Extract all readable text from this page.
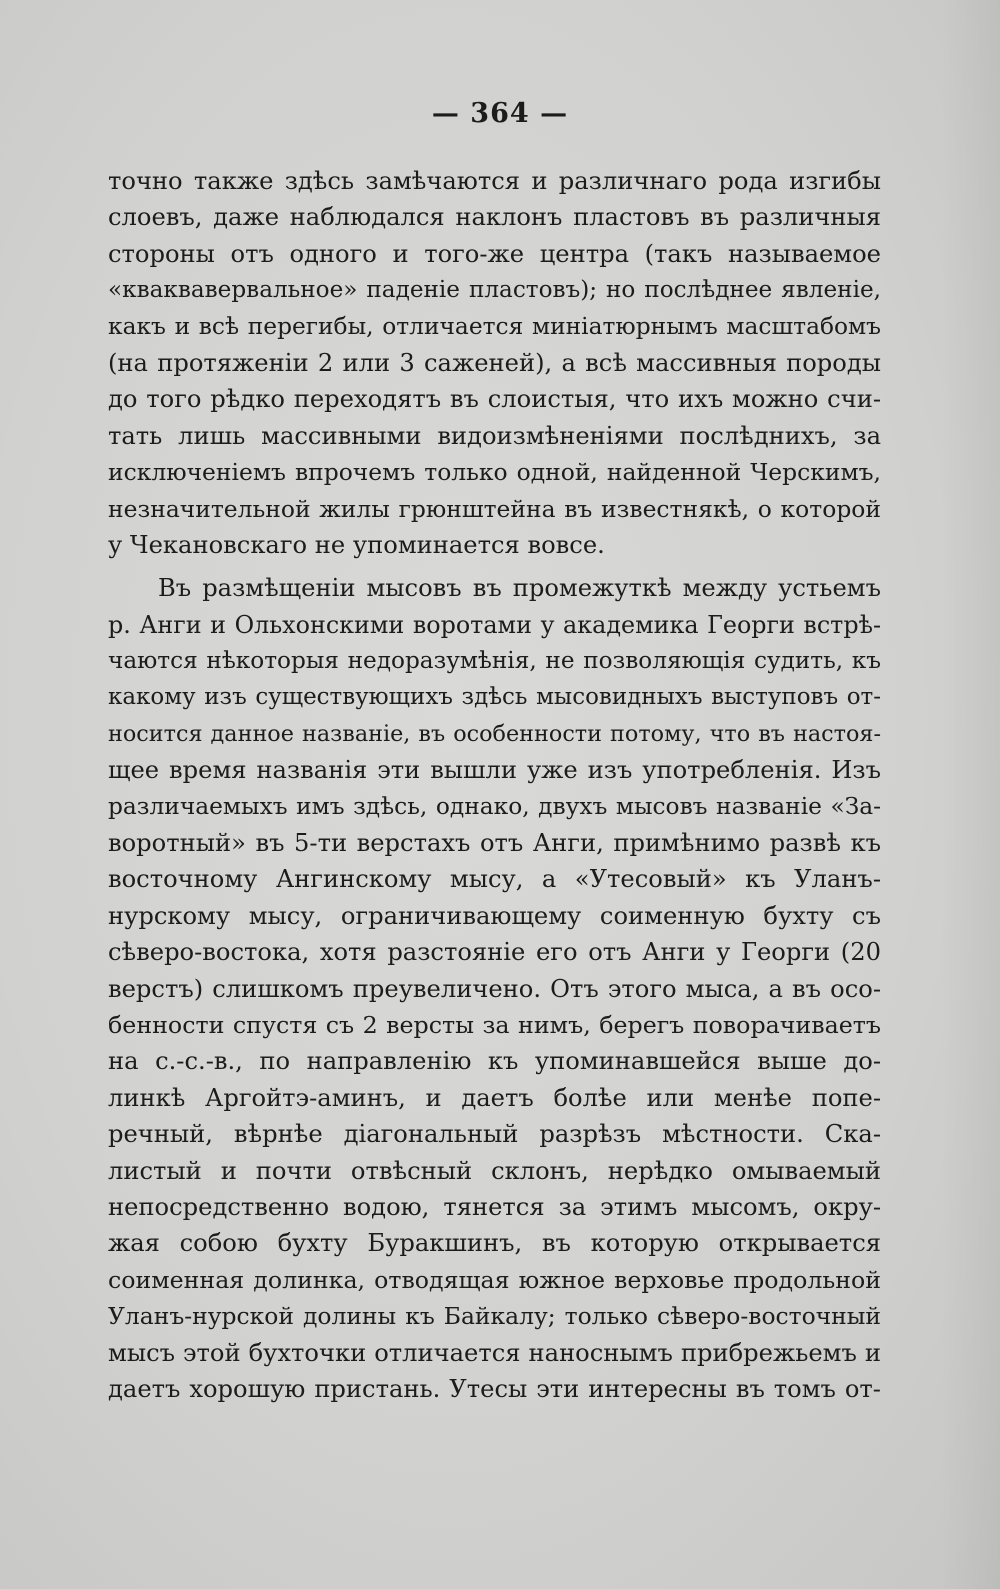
— 364 —
точно также здѣсь замѣчаются и различнаго рода изгибы
слоевъ, даже наблюдался наклонъ пластовъ въ различныя
стороны отъ одного и того-же центра (такъ называемое
«кваквавервальное» паденіе пластовъ); но послѣднее явленіе,
какъ и всѣ перегибы, отличается миніатюрнымъ масштабомъ
(на протяженіи 2 или 3 саженей), а всѣ массивныя породы
до того рѣдко переходятъ въ слоистыя, что ихъ можно счи-
тать лишь массивными видоизмѣненіями послѣднихъ, за
исключеніемъ впрочемъ только одной, найденной Черскимъ,
незначительной жилы грюнштейна въ известнякѣ, о которой
у Чекановскаго не упоминается вовсе.
Въ размѣщеніи мысовъ въ промежуткѣ между устьемъ
р. Анги и Ольхонскими воротами у академика Георги встрѣ-
чаются нѣкоторыя недоразумѣнія, не позволяющія судить, къ
какому изъ существующихъ здѣсь мысовидныхъ выступовъ от-
носится данное названіе, въ особенности потому, что въ настоя-
щее время названія эти вышли уже изъ употребленія. Изъ
различаемыхъ имъ здѣсь, однако, двухъ мысовъ названіе «За-
воротный» въ 5-ти верстахъ отъ Анги, примѣнимо развѣ къ
восточному Ангинскому мысу, а «Утесовый» къ Уланъ-
нурскому мысу, ограничивающему соименную бухту съ
сѣверо-востока, хотя разстояніе его отъ Анги у Георги (20
верстъ) слишкомъ преувеличено. Отъ этого мыса, а въ осо-
бенности спустя съ 2 версты за нимъ, берегъ поворачиваетъ
на с.-с.-в., по направленію къ упоминавшейся выше до-
линкѣ Аргойтэ-аминъ, и даетъ болѣе или менѣе попе-
речный, вѣрнѣе діагональный разрѣзъ мѣстности. Ска-
листый и почти отвѣсный склонъ, нерѣдко омываемый
непосредственно водою, тянется за этимъ мысомъ, окру-
жая собою бухту Буракшинъ, въ которую открывается
соименная долинка, отводящая южное верховье продольной
Уланъ-нурской долины къ Байкалу; только сѣверо-восточный
мысъ этой бухточки отличается наноснымъ прибрежьемъ и
даетъ хорошую пристань. Утесы эти интересны въ томъ от-
